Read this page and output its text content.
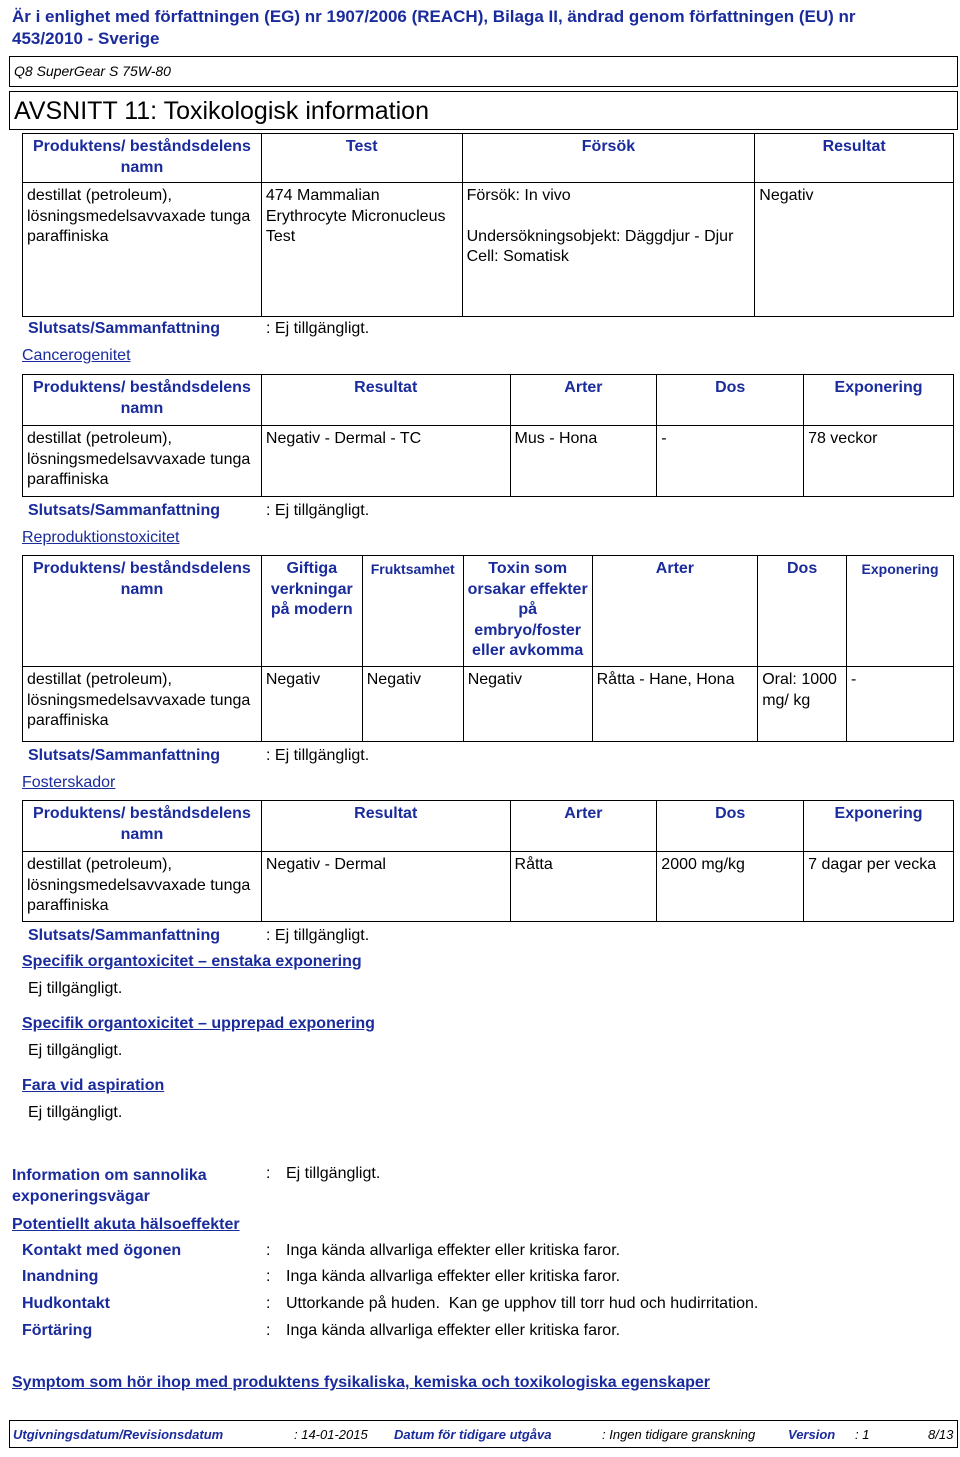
Är i enlighet med författningen (EG) nr 1907/2006 (REACH), Bilaga II, ändrad genom författningen (EU) nr 453/2010 - Sverige
Q8 SuperGear S 75W-80
AVSNITT 11: Toxikologisk information
Produktens/ beståndsdelens namn	Test	Försök	Resultat
destillat (petroleum), lösningsmedelsavvaxade tunga paraffiniska	474 Mammalian Erythrocyte Micronucleus Test	Försök: In vivo
Undersökningsobjekt: Däggdjur - Djur
Cell: Somatisk	Negativ
Slutsats/Sammanfattning	: Ej tillgängligt.
Cancerogenitet
Produktens/ beståndsdelens namn	Resultat	Arter	Dos	Exponering
destillat (petroleum), lösningsmedelsavvaxade tunga paraffiniska	Negativ - Dermal - TC	Mus - Hona	-	78 veckor
Slutsats/Sammanfattning	: Ej tillgängligt.
Reproduktionstoxicitet
Produktens/ beståndsdelens namn	Giftiga verkningar på modern	Fruktsamhet	Toxin som orsakar effekter på embryo/foster eller avkomma	Arter	Dos	Exponering
destillat (petroleum), lösningsmedelsavvaxade tunga paraffiniska	Negativ	Negativ	Negativ	Råtta - Hane, Hona	Oral: 1000 mg/ kg	-
Slutsats/Sammanfattning	: Ej tillgängligt.
Fosterskador
Produktens/ beståndsdelens namn	Resultat	Arter	Dos	Exponering
destillat (petroleum), lösningsmedelsavvaxade tunga paraffiniska	Negativ - Dermal	Råtta	2000 mg/kg	7 dagar per vecka
Slutsats/Sammanfattning	: Ej tillgängligt.
Specifik organtoxicitet – enstaka exponering
Ej tillgängligt.
Specifik organtoxicitet – upprepad exponering
Ej tillgängligt.
Fara vid aspiration
Ej tillgängligt.
Information om sannolika exponeringsvägar
: Ej tillgängligt.
Potentiellt akuta hälsoeffekter
Kontakt med ögonen	: Inga kända allvarliga effekter eller kritiska faror.
Inandning	: Inga kända allvarliga effekter eller kritiska faror.
Hudkontakt	: Uttorkande på huden.  Kan ge upphov till torr hud och hudirritation.
Förtäring	: Inga kända allvarliga effekter eller kritiska faror.
Symptom som hör ihop med produktens fysikaliska, kemiska och toxikologiska egenskaper
Utgivningsdatum/Revisionsdatum	: 14-01-2015 Datum för tidigare utgåva	: Ingen tidigare granskning	Version : 1	8/13
